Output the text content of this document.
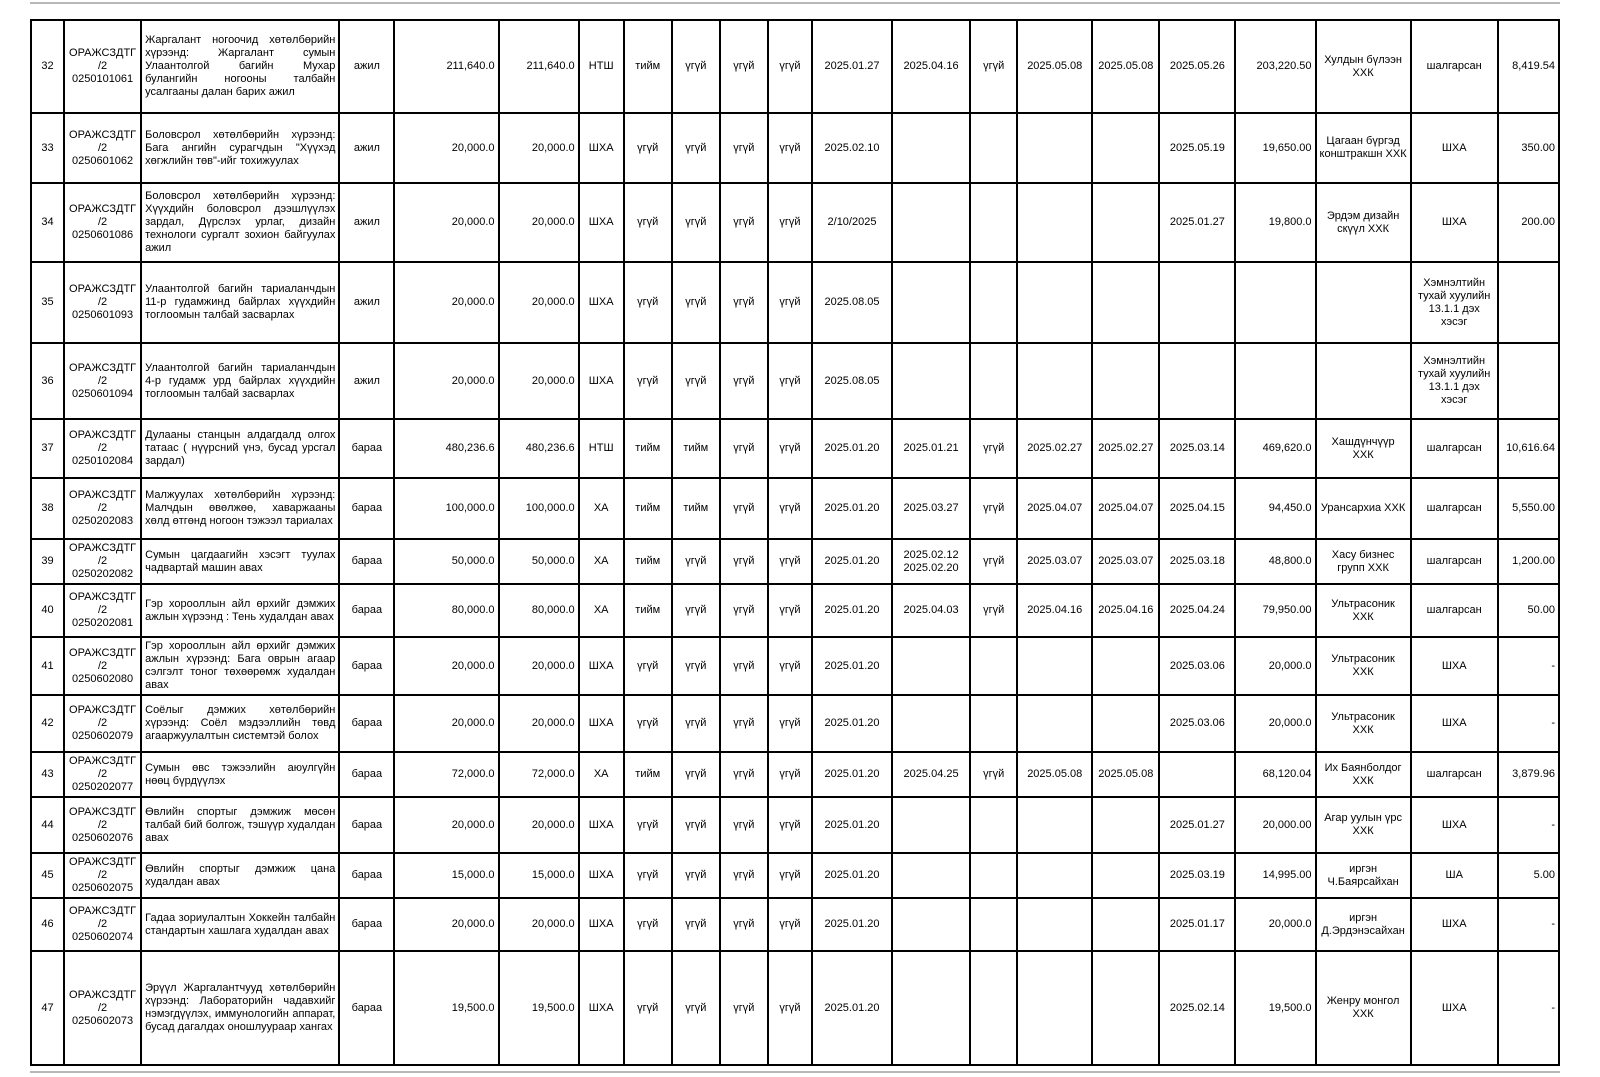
32	ОРАЖСЗДТГ/2 0250101061	Жаргалант ногоочид хөтөлбөрийн хүрээнд: Жаргалант сумын Улаантолгой багийн Мухар булангийн ногооны талбайн усалгааны далан барих ажил	ажил	211,640.0	211,640.0	НТШ	тийм	үгүй	үгүй	үгүй	2025.01.27	2025.04.16	үгүй	2025.05.08	2025.05.08	2025.05.26	203,220.50	Хулдын бүлээн ХХК	шалгарсан	8,419.54
33	ОРАЖСЗДТГ/2 0250601062	Боловсрол хөтөлбөрийн хүрээнд: Бага ангийн сурагчдын "Хүүхэд хөгжлийн төв"-ийг тохижуулах	ажил	20,000.0	20,000.0	ШХА	үгүй	үгүй	үгүй	үгүй	2025.02.10					2025.05.19	19,650.00	Цагаан бүргэд конштракшн ХХК	ШХА	350.00
34	ОРАЖСЗДТГ/2 0250601086	Боловсрол хөтөлбөрийн хүрээнд: Хүүхдийн боловсрол дээшлүүлэх зардал, Дүрслэх урлаг, дизайн технологи сургалт зохион байгуулах ажил	ажил	20,000.0	20,000.0	ШХА	үгүй	үгүй	үгүй	үгүй	2/10/2025					2025.01.27	19,800.0	Эрдэм дизайн скүүл ХХК	ШХА	200.00
35	ОРАЖСЗДТГ/2 0250601093	Улаантолгой багийн тариаланчдын 11-р гудамжинд байрлах хүүхдийн тоглоомын талбай засварлах	ажил	20,000.0	20,000.0	ШХА	үгүй	үгүй	үгүй	үгүй	2025.08.05								Хэмнэлтийн тухай хуулийн 13.1.1 дэх хэсэг	
36	ОРАЖСЗДТГ/2 0250601094	Улаантолгой багийн тариаланчдын 4-р гудамж урд байрлах хүүхдийн тоглоомын талбай засварлах	ажил	20,000.0	20,000.0	ШХА	үгүй	үгүй	үгүй	үгүй	2025.08.05								Хэмнэлтийн тухай хуулийн 13.1.1 дэх хэсэг	
37	ОРАЖСЗДТГ/2 0250102084	Дулааны станцын алдагдалд олгох татаас ( нүүрсний үнэ, бусад урсгал зардал)	бараа	480,236.6	480,236.6	НТШ	тийм	тийм	үгүй	үгүй	2025.01.20	2025.01.21	үгүй	2025.02.27	2025.02.27	2025.03.14	469,620.0	Хашдүнчүүр ХХК	шалгарсан	10,616.64
38	ОРАЖСЗДТГ/2 0250202083	Малжуулах хөтөлбөрийн хүрээнд: Малчдын өвөлжөө, хаваржааны хөлд өтгөнд ногоон тэжээл тариалах	бараа	100,000.0	100,000.0	ХА	тийм	тийм	үгүй	үгүй	2025.01.20	2025.03.27	үгүй	2025.04.07	2025.04.07	2025.04.15	94,450.0	Урансархиа ХХК	шалгарсан	5,550.00
39	ОРАЖСЗДТГ/2 0250202082	Сумын цагдаагийн хэсэгт туулах чадвартай машин авах	бараа	50,000.0	50,000.0	ХА	тийм	үгүй	үгүй	үгүй	2025.01.20	2025.02.12 2025.02.20	үгүй	2025.03.07	2025.03.07	2025.03.18	48,800.0	Хасу бизнес групп ХХК	шалгарсан	1,200.00
40	ОРАЖСЗДТГ/2 0250202081	Гэр хорооллын айл өрхийг дэмжих ажлын хүрээнд : Тень худалдан авах	бараа	80,000.0	80,000.0	ХА	тийм	үгүй	үгүй	үгүй	2025.01.20	2025.04.03	үгүй	2025.04.16	2025.04.16	2025.04.24	79,950.00	Ультрасоник ХХК	шалгарсан	50.00
41	ОРАЖСЗДТГ/2 0250602080	Гэр хорооллын айл өрхийг дэмжих ажлын хүрээнд: Бага оврын агаар сэлгэлт тоног төхөөрөмж худалдан авах	бараа	20,000.0	20,000.0	ШХА	үгүй	үгүй	үгүй	үгүй	2025.01.20					2025.03.06	20,000.0	Ультрасоник ХХК	ШХА	-
42	ОРАЖСЗДТГ/2 0250602079	Соёлыг дэмжих хөтөлбөрийн хүрээнд: Соёл мэдээллийн төвд агааржуулалтын системтэй болох	бараа	20,000.0	20,000.0	ШХА	үгүй	үгүй	үгүй	үгүй	2025.01.20					2025.03.06	20,000.0	Ультрасоник ХХК	ШХА	-
43	ОРАЖСЗДТГ/2 0250202077	Сумын өвс тэжээлийн аюулгүйн нөөц бүрдүүлэх	бараа	72,000.0	72,000.0	ХА	тийм	үгүй	үгүй	үгүй	2025.01.20	2025.04.25	үгүй	2025.05.08	2025.05.08		68,120.04	Их Баянболдог ХХК	шалгарсан	3,879.96
44	ОРАЖСЗДТГ/2 0250602076	Өвлийн спортыг дэмжиж мөсөн талбай бий болгож, тэшүүр худалдан авах	бараа	20,000.0	20,000.0	ШХА	үгүй	үгүй	үгүй	үгүй	2025.01.20					2025.01.27	20,000.00	Агар уулын үрс ХХК	ШХА	-
45	ОРАЖСЗДТГ/2 0250602075	Өвлийн спортыг дэмжиж цана худалдан авах	бараа	15,000.0	15,000.0	ШХА	үгүй	үгүй	үгүй	үгүй	2025.01.20					2025.03.19	14,995.00	иргэн Ч.Баярсайхан	ША	5.00
46	ОРАЖСЗДТГ/2 0250602074	Гадаа зориулалтын Хоккейн талбайн стандартын хашлага худалдан авах	бараа	20,000.0	20,000.0	ШХА	үгүй	үгүй	үгүй	үгүй	2025.01.20					2025.01.17	20,000.0	иргэн Д.Эрдэнэсайхан	ШХА	-
47	ОРАЖСЗДТГ/2 0250602073	Эрүүл Жаргалантчууд хөтөлбөрийн хүрээнд: Лабораторийн чадавхийг нэмэгдүүлэх, иммунологийн аппарат, бусад дагалдах оношлуураар хангах	бараа	19,500.0	19,500.0	ШХА	үгүй	үгүй	үгүй	үгүй	2025.01.20					2025.02.14	19,500.0	Женру монгол ХХК	ШХА	-
